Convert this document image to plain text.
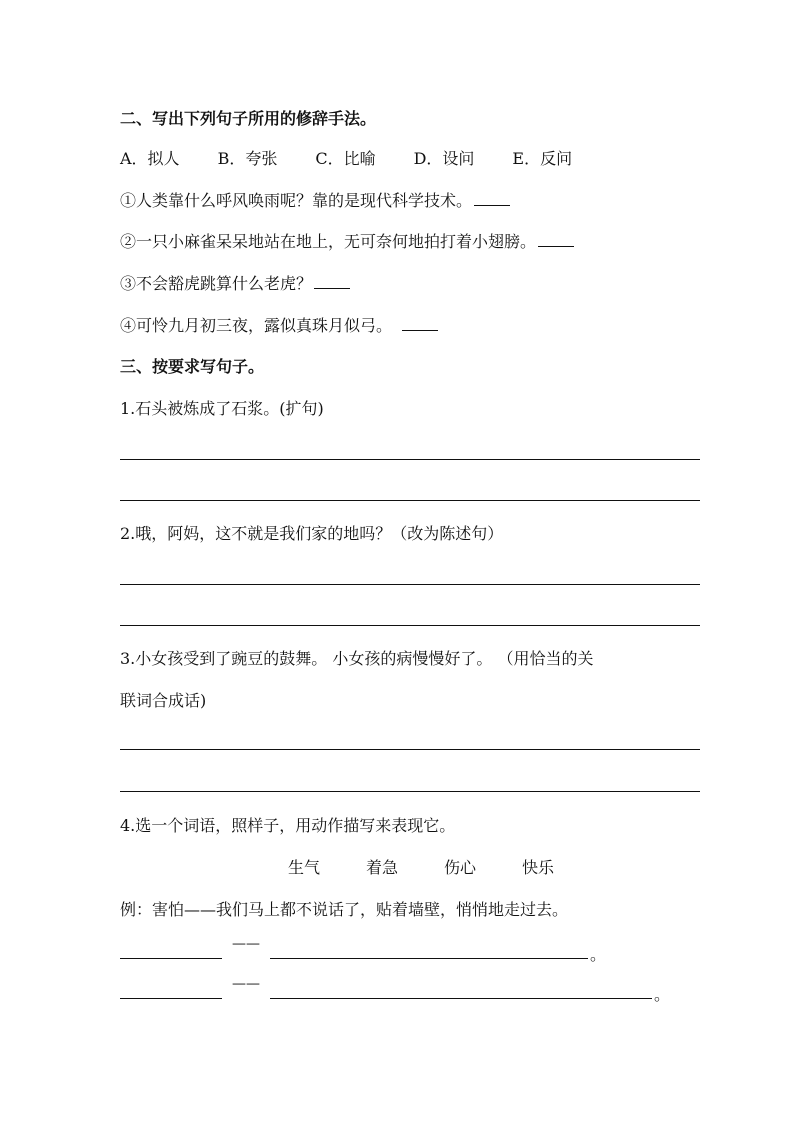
二、写出下列句子所用的修辞手法。
A．拟人 B．夸张 C．比喻 D．设问 E．反问
①人类靠什么呼风唤雨呢？靠的是现代科学技术。
②一只小麻雀呆呆地站在地上，无可奈何地拍打着小翅膀。
③不会豁虎跳算什么老虎？
④可怜九月初三夜，露似真珠月似弓。
三、按要求写句子。
1.石头被炼成了石浆。(扩句)
2.哦，阿妈，这不就是我们家的地吗？（改为陈述句）
3.小女孩受到了豌豆的鼓舞。 小女孩的病慢慢好了。 （用恰当的关
联词合成话)
4.选一个词语，照样子，用动作描写来表现它。
生气	着急	伤心	快乐
例：害怕——我们马上都不说话了，贴着墙壁，悄悄地走过去。
——
。
——
。
